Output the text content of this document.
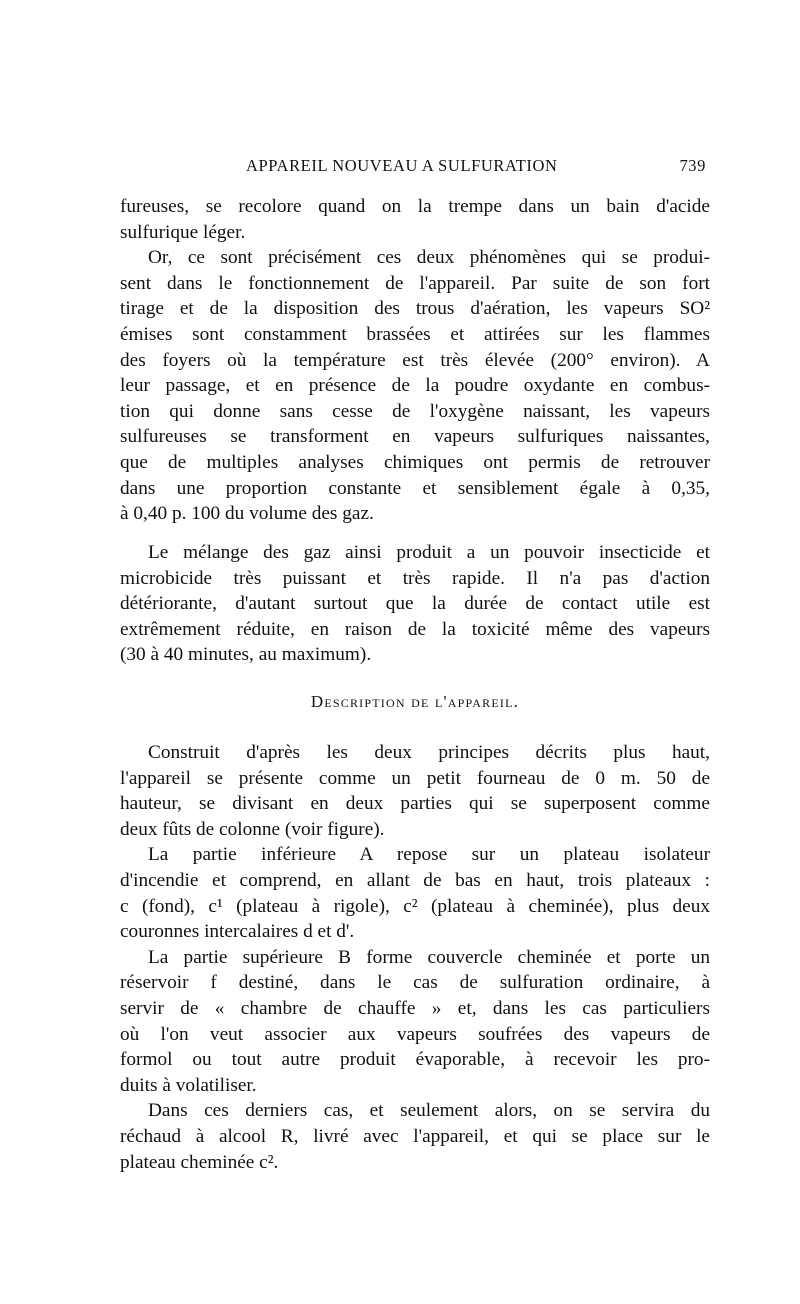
APPAREIL NOUVEAU A SULFURATION	739
fureuses, se recolore quand on la trempe dans un bain d'acide
sulfurique léger.
Or, ce sont précisément ces deux phénomènes qui se produi-
sent dans le fonctionnement de l'appareil. Par suite de son fort
tirage et de la disposition des trous d'aération, les vapeurs SO²
émises sont constamment brassées et attirées sur les flammes
des foyers où la température est très élevée (200° environ). A
leur passage, et en présence de la poudre oxydante en combus-
tion qui donne sans cesse de l'oxygène naissant, les vapeurs
sulfureuses se transforment en vapeurs sulfuriques naissantes,
que de multiples analyses chimiques ont permis de retrouver
dans une proportion constante et sensiblement égale à 0,35,
à 0,40 p. 100 du volume des gaz.
Le mélange des gaz ainsi produit a un pouvoir insecticide et
microbicide très puissant et très rapide. Il n'a pas d'action
détériorante, d'autant surtout que la durée de contact utile est
extrêmement réduite, en raison de la toxicité même des vapeurs
(30 à 40 minutes, au maximum).
Description de l'appareil.
Construit d'après les deux principes décrits plus haut,
l'appareil se présente comme un petit fourneau de 0 m. 50 de
hauteur, se divisant en deux parties qui se superposent comme
deux fûts de colonne (voir figure).
La partie inférieure A repose sur un plateau isolateur
d'incendie et comprend, en allant de bas en haut, trois plateaux :
c (fond), c¹ (plateau à rigole), c² (plateau à cheminée), plus deux
couronnes intercalaires d et d'.
La partie supérieure B forme couvercle cheminée et porte un
réservoir f destiné, dans le cas de sulfuration ordinaire, à
servir de « chambre de chauffe » et, dans les cas particuliers
où l'on veut associer aux vapeurs soufrées des vapeurs de
formol ou tout autre produit évaporable, à recevoir les pro-
duits à volatiliser.
Dans ces derniers cas, et seulement alors, on se servira du
réchaud à alcool R, livré avec l'appareil, et qui se place sur le
plateau cheminée c².
